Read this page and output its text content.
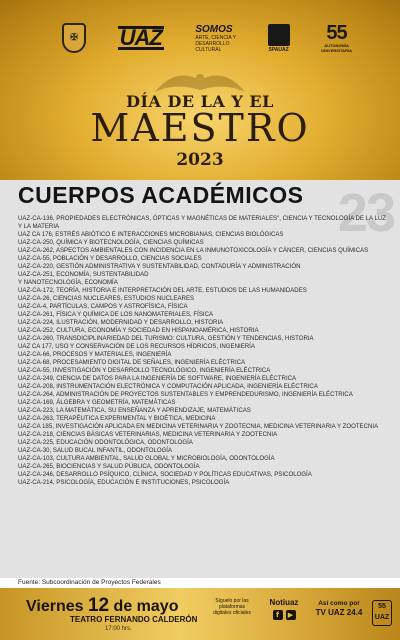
✠	UAZ	SOMOS
ARTE, CIENCIA Y
DESARROLLO
CULTURAL	SPAUAZ
55
AUTONOMÍA
UNIVERSITARIA
DÍA DE LA Y EL
MAESTRO
2023
23
CUERPOS ACADÉMICOS
UAZ-CA-136, PROPIEDADES ELECTRÓNICAS, ÓPTICAS Y MAGNÉTICAS DE MATERIALES", CIENCIA Y TECNOLOGÍA DE LA LUZ Y LA MATERIA
UAZ CA 176, ESTRÉS ABIÓTICO E INTERACCIONES MICROBIANAS, CIENCIAS BIOLÓGICAS
UAZ-CA-250, QUÍMICA Y BIOTECNOLOGÍA, CIENCIAS QUÍMICAS
UAZ-CA-262, ASPECTOS AMBIENTALES CON INCIDENCIA EN LA INMUNOTOXICOLOGÍA Y CÁNCER, CIENCIAS QUÍMICAS
UAZ-CA-55, POBLACIÓN Y DESARROLLO, CIENCIAS SOCIALES
UAZ-CA-220, GESTIÓN ADMINISTRATIVA Y SUSTENTABILIDAD, CONTADURÍA Y ADMINISTRACIÓN
UAZ-CA-251, ECONOMÍA, SUSTENTABILIDAD
Y NANOTECNOLOGÍA, ECONOMÍA
UAZ-CA-172, TEORÍA, HISTORIA E INTERPRETACIÓN DEL ARTE, ESTUDIOS DE LAS HUMANIDADES
UAZ-CA-26, CIENCIAS NUCLEARES, ESTUDIOS NUCLEARES
UAZ-CA-4, PARTÍCULAS, CAMPOS Y ASTROFÍSICA, FÍSICA
UAZ-CA-261, FÍSICA Y QUÍMICA DE LOS NANOMATERIALES, FÍSICA
UAZ-CA-224, ILUSTRACIÓN, MODERNIDAD Y DESARROLLO, HISTORIA
UAZ-CA-252, CULTURA, ECONOMÍA Y SOCIEDAD EN HISPANOAMÉRICA, HISTORIA
UAZ-CA-260, TRANSDICIPLINARIEDAD DEL TURISMO: CULTURA, GESTIÓN Y TENDENCIAS, HISTORIA
UAZ CA 177, USO Y CONSERVACIÓN DE LOS RECURSOS HÍDRICOS, INGENIERÍA
UAZ-CA-66, PROCESOS Y MATERIALES, INGENIERÍA
UAZ-CA-68, PROCESAMIENTO DIGITAL DE SEÑALES, INGENIERÍA ELÉCTRICA
UAZ-CA-55, INVESTIGACIÓN Y DESARROLLO TECNOLÓGICO, INGENIERÍA ELÉCTRICA
UAZ-CA-249, CIENCIA DE DATOS PARA LA INGENIERÍA DE SOFTWARE, INGENIERÍA ELÉCTRICA
UAZ-CA-208, INSTRUMENTACIÓN ELECTRÓNICA Y COMPUTACIÓN APLICADA, INGENIERÍA ELÉCTRICA
UAZ-CA-264, ADMINISTRACIÓN DE PROYECTOS SUSTENTABLES Y EMPRENDEDURISMO, INGENIERÍA ELÉCTRICA
UAZ-CA-169, ÁLGEBRA Y GEOMETRÍA, MATEMÁTICAS
UAZ-CA-223, LA MATEMÁTICA, SU ENSEÑANZA Y APRENDIZAJE, MATEMÁTICAS
UAZ-CA-263, TERAPÉUTICA EXPERIMENTAL Y BIOÉTICA, MEDICINA
UAZ-CA 185, INVESTIGACIÓN APLICADA EN MEDICINA VETERINARIA Y ZOOTECNIA, MEDICINA VETERINARIA Y ZOOTECNIA
UAZ-CA-218, CIENCIAS BÁSICAS VETERINARIAS, MEDICINA VETERINARIA Y ZOOTECNIA
UAZ-CA-225, EDUCACIÓN ODONTOLÓGICA, ODONTOLOGÍA
UAZ-CA-30, SALUD BUCAL INFANTIL, ODONTOLOGÍA
UAZ-CA-103, CULTURA AMBIENTAL, SALUD GLOBAL Y MICROBIOLOGÍA, ODONTOLOGÍA
UAZ-CA-265, BIOCIENCIAS Y SALUD PÚBLICA, ODONTOLOGÍA
UAZ-CA-246, DESARROLLO PSÍQUICO, CLÍNICA, SOCIEDAD Y POLÍTICAS EDUCATIVAS, PSICOLOGÍA
UAZ-CA-214, PSICOLOGÍA, EDUCACIÓN E INSTITUCIONES, PSICOLOGÍA
Fuente: Subcoordinación de Proyectos Federales
Viernes 12 de mayo
TEATRO FERNANDO CALDERÓN
17:00 hrs.
Síguelo por las
plataformas
digitales oficiales
Notiuaz
f	▶
Así como por
TV UAZ 24.4
55
UAZ
